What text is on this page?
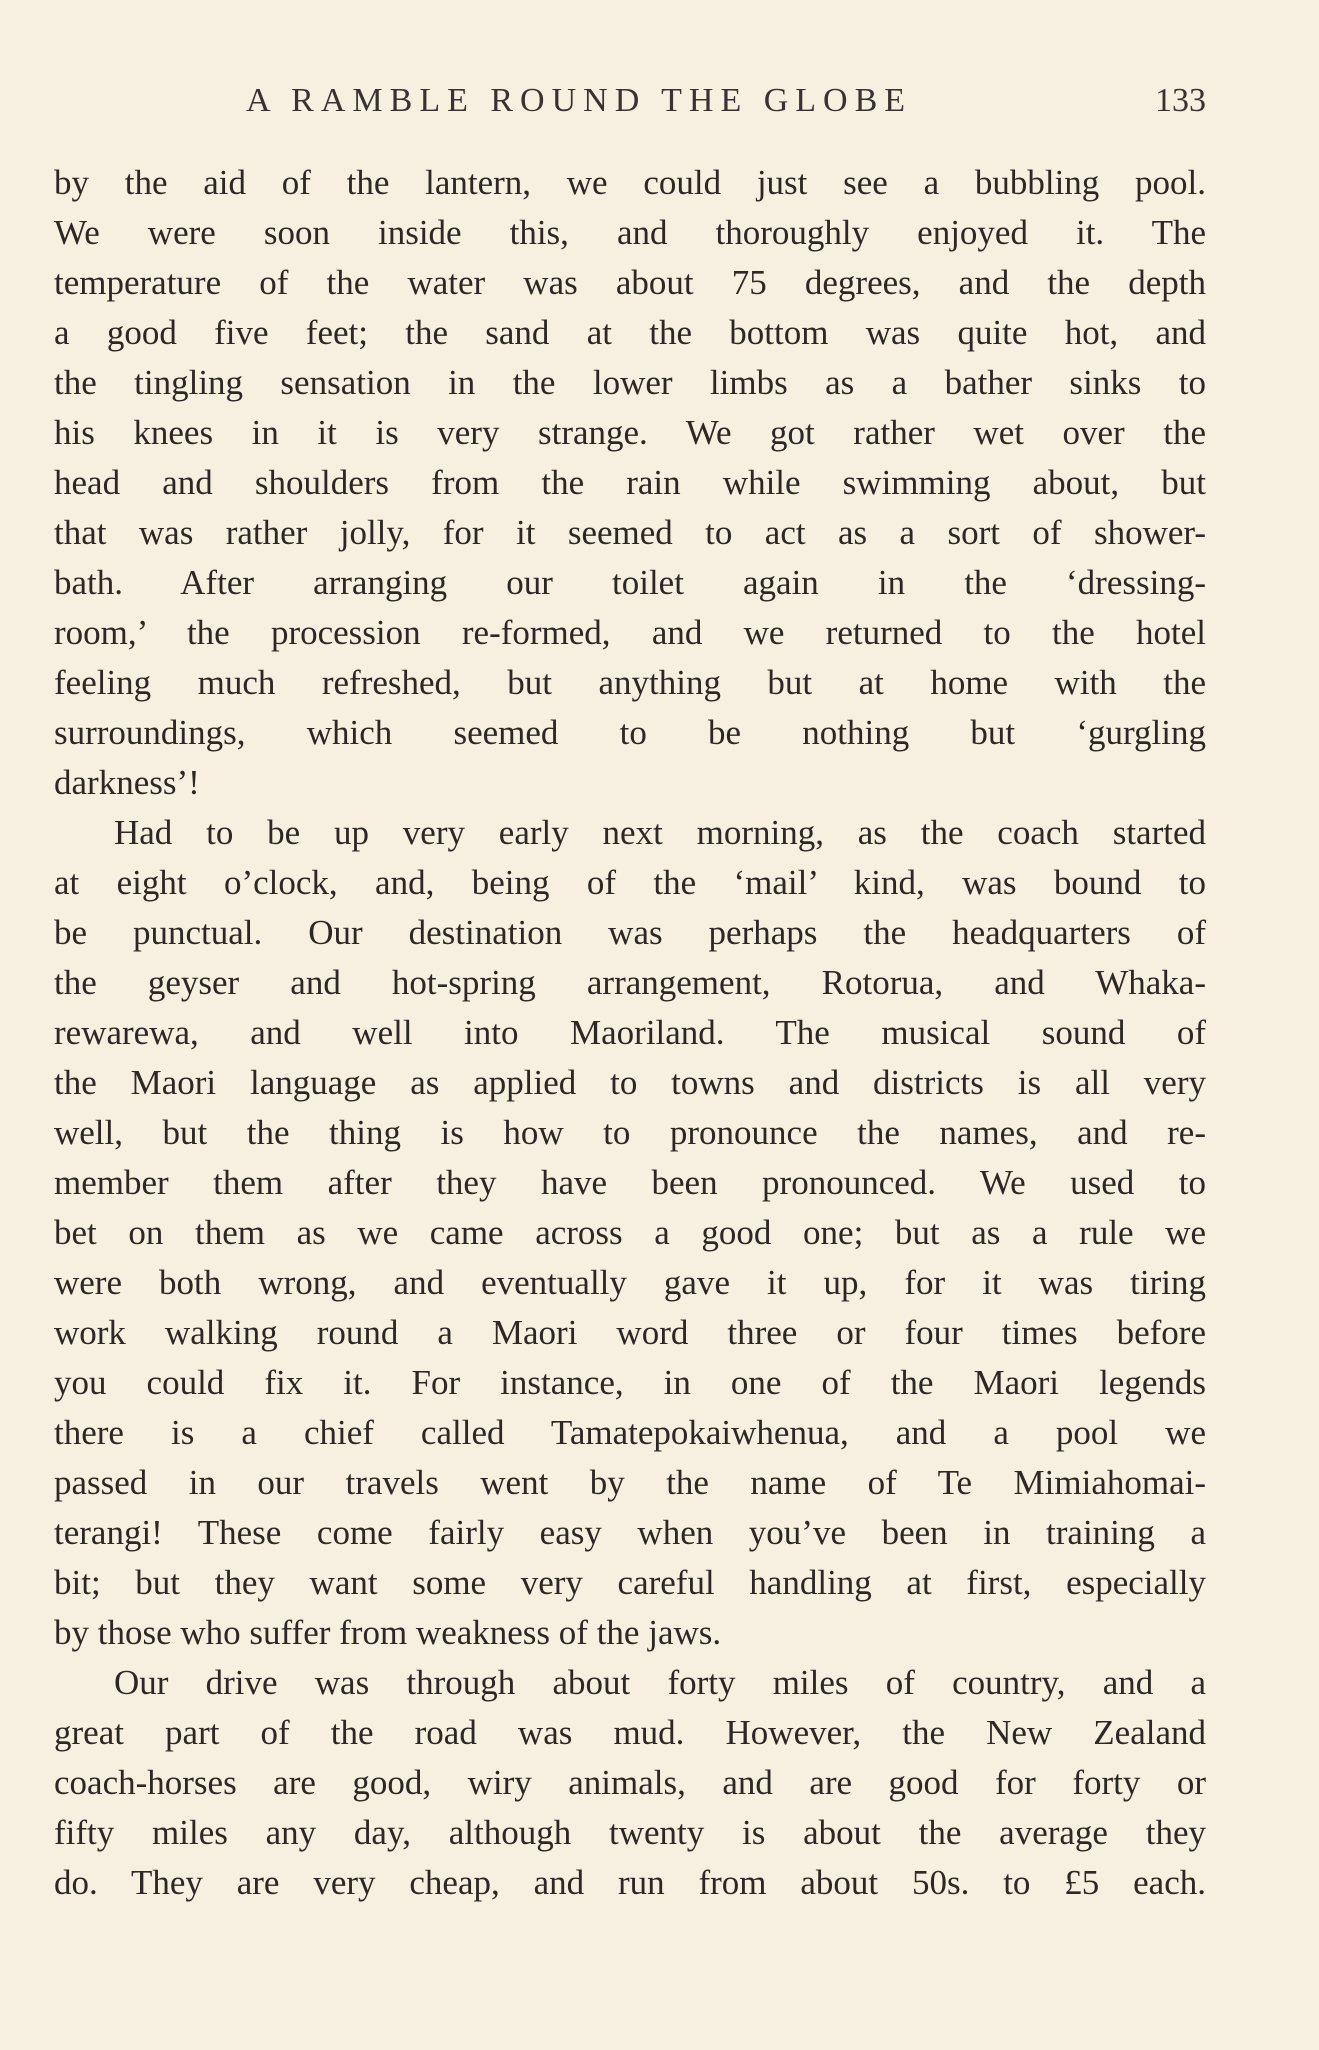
A RAMBLE ROUND THE GLOBE	133
by the aid of the lantern, we could just see a bubbling pool.
We were soon inside this, and thoroughly enjoyed it. The
temperature of the water was about 75 degrees, and the depth
a good five feet; the sand at the bottom was quite hot, and
the tingling sensation in the lower limbs as a bather sinks to
his knees in it is very strange. We got rather wet over the
head and shoulders from the rain while swimming about, but
that was rather jolly, for it seemed to act as a sort of shower-
bath. After arranging our toilet again in the ‘dressing-
room,’ the procession re-formed, and we returned to the hotel
feeling much refreshed, but anything but at home with the
surroundings, which seemed to be nothing but ‘gurgling
darkness’!
Had to be up very early next morning, as the coach started
at eight o’clock, and, being of the ‘mail’ kind, was bound to
be punctual. Our destination was perhaps the headquarters of
the geyser and hot-spring arrangement, Rotorua, and Whaka-
rewarewa, and well into Maoriland. The musical sound of
the Maori language as applied to towns and districts is all very
well, but the thing is how to pronounce the names, and re-
member them after they have been pronounced. We used to
bet on them as we came across a good one; but as a rule we
were both wrong, and eventually gave it up, for it was tiring
work walking round a Maori word three or four times before
you could fix it. For instance, in one of the Maori legends
there is a chief called Tamatepokaiwhenua, and a pool we
passed in our travels went by the name of Te Mimiahomai-
terangi! These come fairly easy when you’ve been in training a
bit; but they want some very careful handling at first, especially
by those who suffer from weakness of the jaws.
Our drive was through about forty miles of country, and a
great part of the road was mud. However, the New Zealand
coach-horses are good, wiry animals, and are good for forty or
fifty miles any day, although twenty is about the average they
do. They are very cheap, and run from about 50s. to £5 each.
